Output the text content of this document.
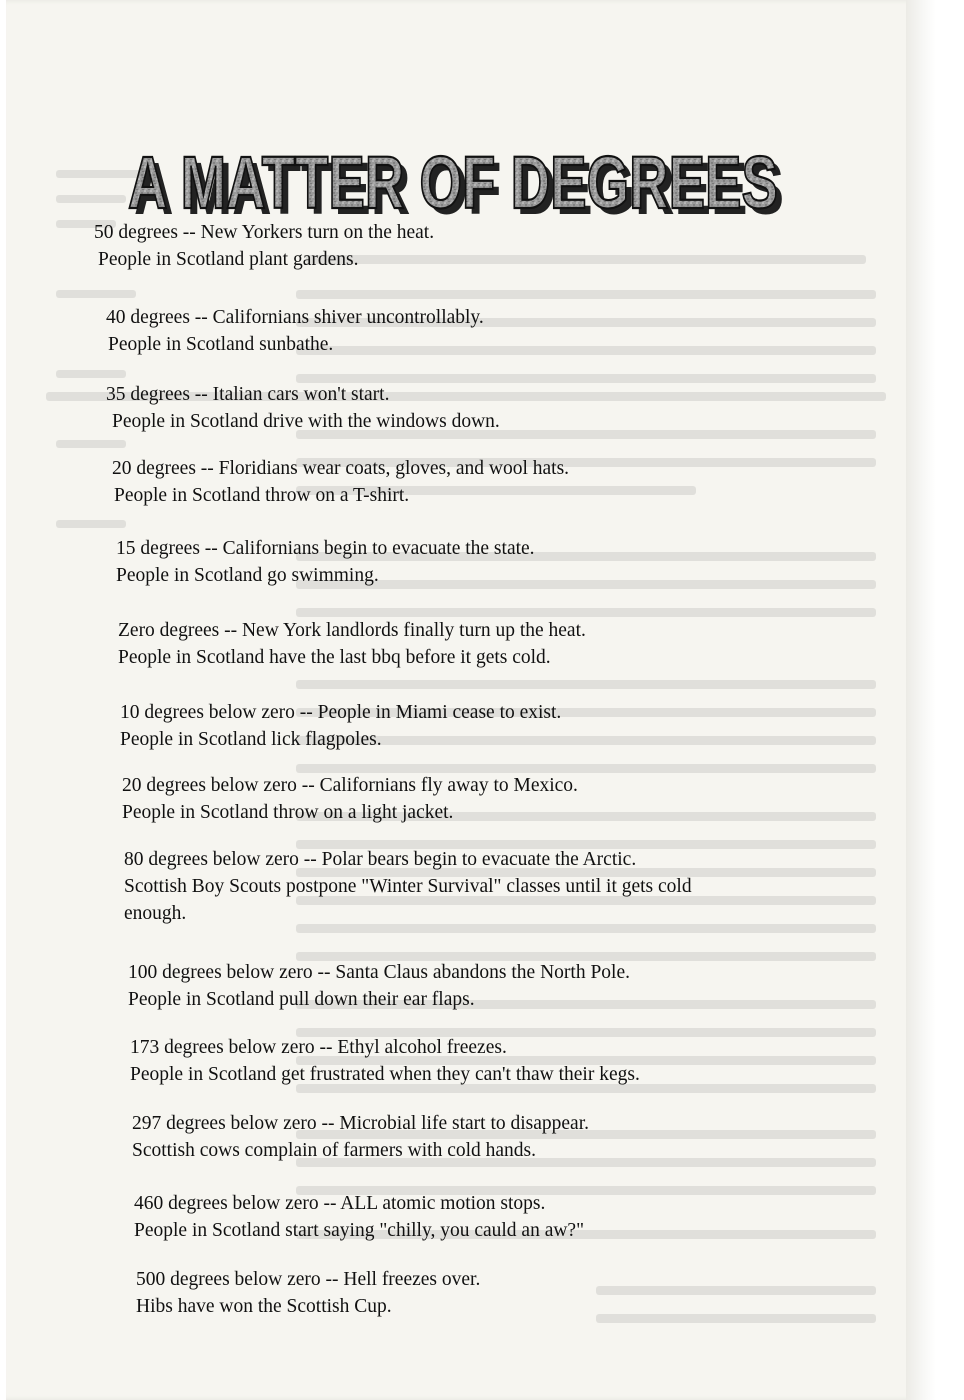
A MATTER OF DEGREES
A MATTER OF DEGREES
50 degrees -- New Yorkers turn on the heat.
People in Scotland plant gardens.
40 degrees -- Californians shiver uncontrollably.
People in Scotland sunbathe.
35 degrees -- Italian cars won't start.
People in Scotland drive with the windows down.
20 degrees -- Floridians wear coats, gloves, and wool hats.
People in Scotland throw on a T-shirt.
15 degrees -- Californians begin to evacuate the state.
People in Scotland go swimming.
Zero degrees -- New York landlords finally turn up the heat.
People in Scotland have the last bbq before it gets cold.
10 degrees below zero -- People in Miami cease to exist.
People in Scotland lick flagpoles.
20 degrees below zero -- Californians fly away to Mexico.
People in Scotland throw on a light jacket.
80 degrees below zero -- Polar bears begin to evacuate the Arctic.
Scottish Boy Scouts postpone "Winter Survival" classes until it gets cold
enough.
100 degrees below zero -- Santa Claus abandons the North Pole.
People in Scotland pull down their ear flaps.
173 degrees below zero -- Ethyl alcohol freezes.
People in Scotland get frustrated when they can't thaw their kegs.
297 degrees below zero -- Microbial life start to disappear.
Scottish cows complain of farmers with cold hands.
460 degrees below zero -- ALL atomic motion stops.
People in Scotland start saying "chilly, you cauld an aw?"
500 degrees below zero -- Hell freezes over.
Hibs have won the Scottish Cup.
